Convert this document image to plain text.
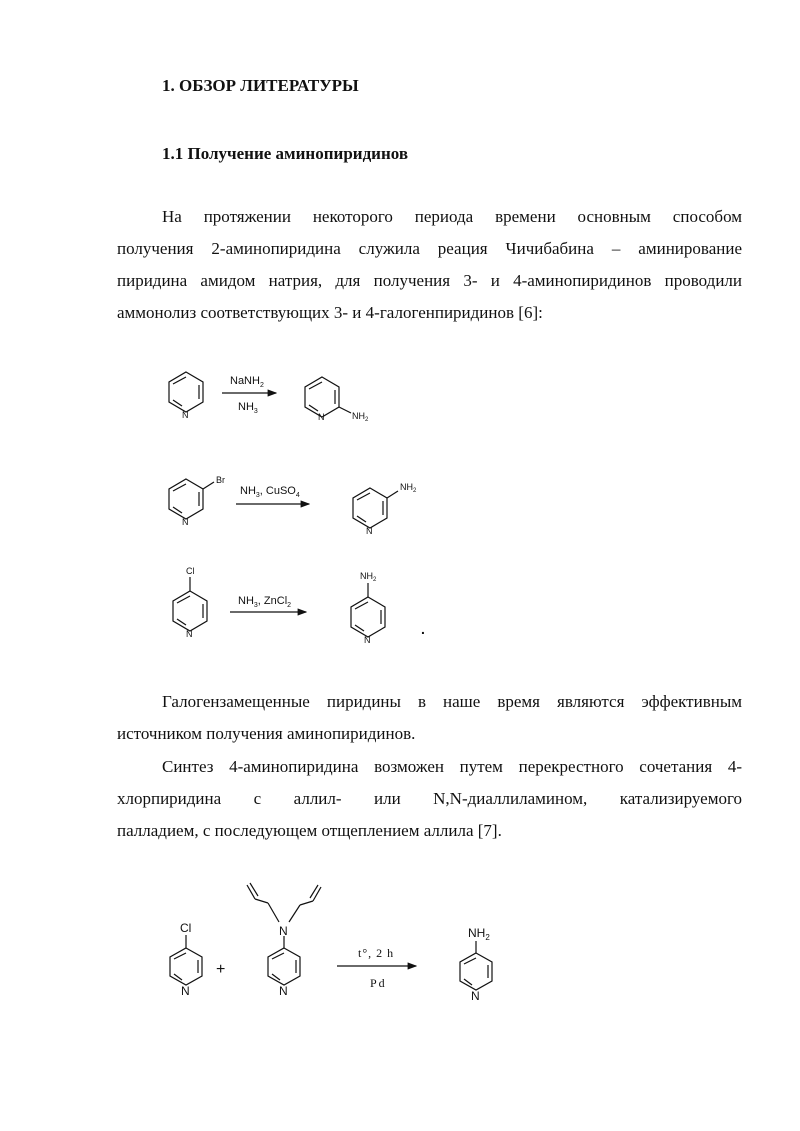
1. ОБЗОР ЛИТЕРАТУРЫ
1.1 Получение аминопиридинов
На протяжении некоторого периода времени основным способом
получения 2-аминопиридина служила реация Чичибабина – аминирование
пиридина амидом натрия, для получения 3- и 4-аминопиридинов проводили
аммонолиз соответствующих 3- и 4-галогенпиридинов [6]:
Галогензамещенные пиридины в наше время являются эффективным
источником получения аминопиридинов.
Синтез 4-аминопиридина возможен путем перекрестного сочетания 4-
хлорпиридина с аллил- или N,N-диаллиламином, катализируемого
палладием, с последующем отщеплением аллила [7].
N
NaNH$_2$
$NH_3$
N	$NH_2$
Br
N
$NH_3$, CuSO$_4$
N
$NH_2$
Cl
N
$NH_3$, ZnCl$_2$
N
$NH_2$
.
Cl
N
+
N
N
t°, 2 h
Pd
N
$NH_2$
